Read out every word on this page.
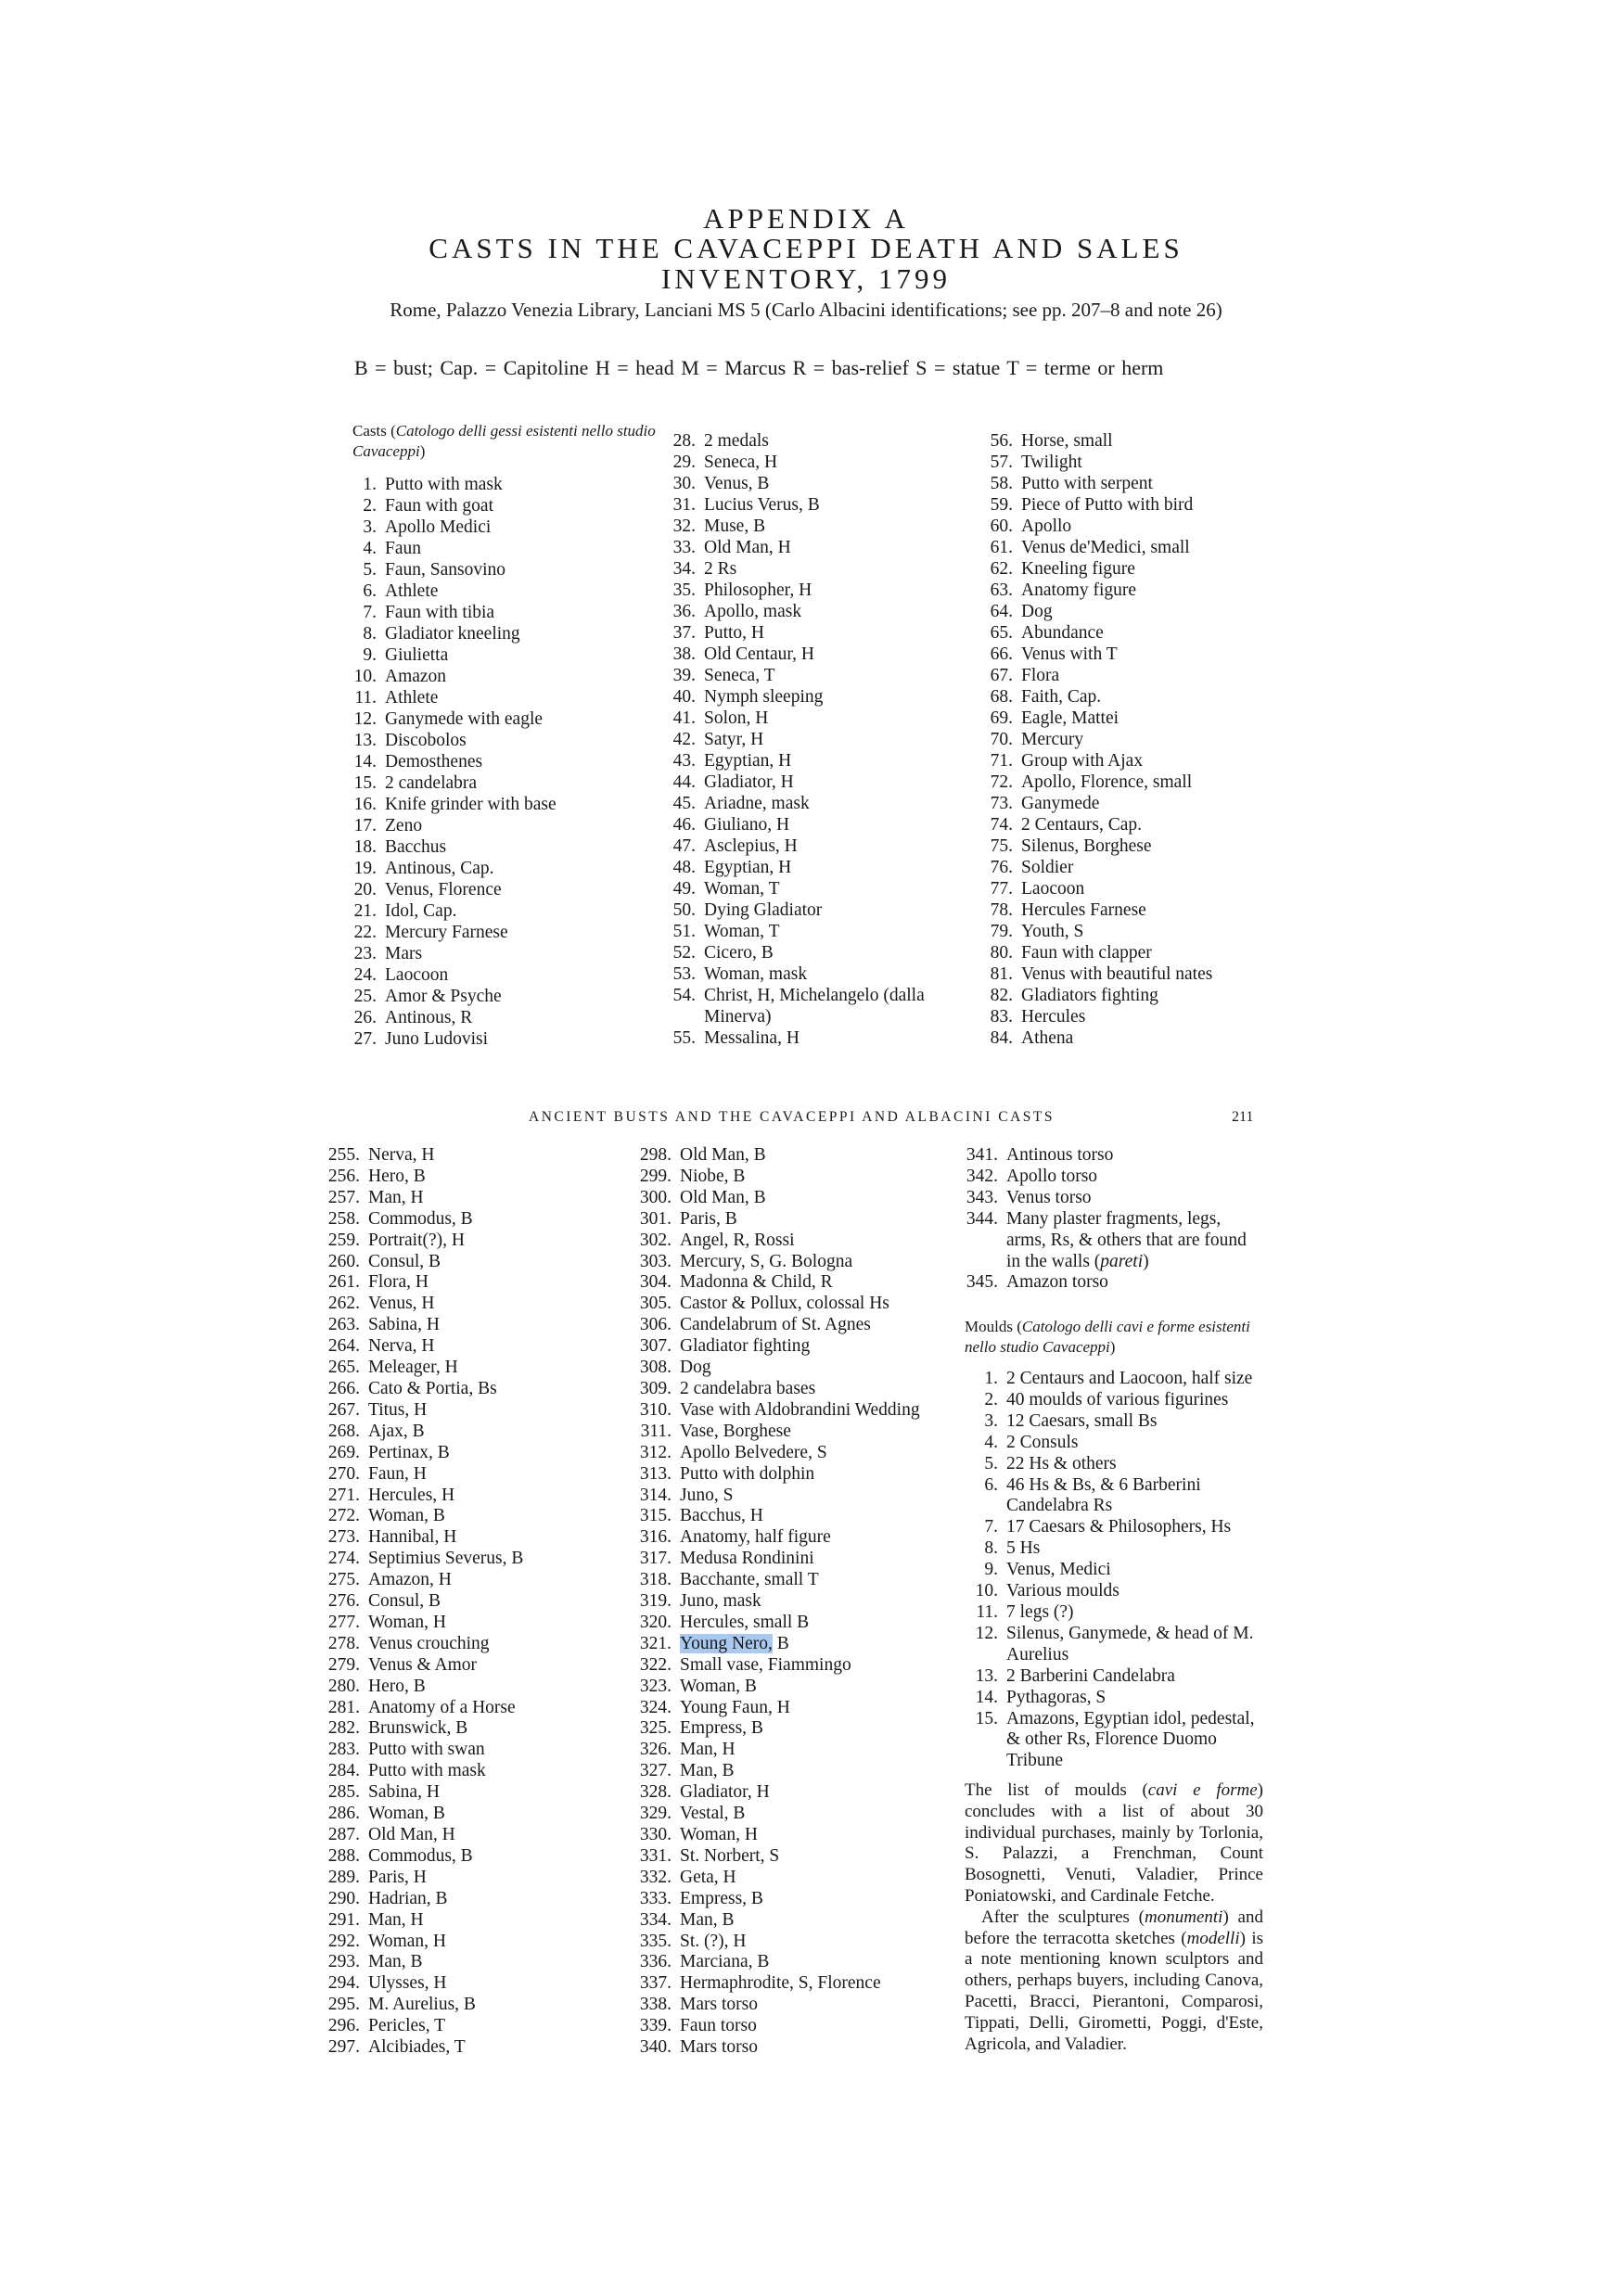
APPENDIX A
CASTS IN THE CAVACEPPI DEATH AND SALES
INVENTORY, 1799
Rome, Palazzo Venezia Library, Lanciani MS 5 (Carlo Albacini identifications; see pp. 207–8 and note 26)
B = bust; Cap. = Capitoline H = head M = Marcus R = bas-relief S = statue T = terme or herm
Casts (Catologo delli gessi esistenti nello studio Cavaceppi)
1. Putto with mask
2. Faun with goat
3. Apollo Medici
4. Faun
5. Faun, Sansovino
6. Athlete
7. Faun with tibia
8. Gladiator kneeling
9. Giulietta
10. Amazon
11. Athlete
12. Ganymede with eagle
13. Discobolos
14. Demosthenes
15. 2 candelabra
16. Knife grinder with base
17. Zeno
18. Bacchus
19. Antinous, Cap.
20. Venus, Florence
21. Idol, Cap.
22. Mercury Farnese
23. Mars
24. Laocoon
25. Amor & Psyche
26. Antinous, R
27. Juno Ludovisi
28. 2 medals
29. Seneca, H
30. Venus, B
31. Lucius Verus, B
32. Muse, B
33. Old Man, H
34. 2 Rs
35. Philosopher, H
36. Apollo, mask
37. Putto, H
38. Old Centaur, H
39. Seneca, T
40. Nymph sleeping
41. Solon, H
42. Satyr, H
43. Egyptian, H
44. Gladiator, H
45. Ariadne, mask
46. Giuliano, H
47. Asclepius, H
48. Egyptian, H
49. Woman, T
50. Dying Gladiator
51. Woman, T
52. Cicero, B
53. Woman, mask
54. Christ, H, Michelangelo (dalla Minerva)
55. Messalina, H
56. Horse, small
57. Twilight
58. Putto with serpent
59. Piece of Putto with bird
60. Apollo
61. Venus de'Medici, small
62. Kneeling figure
63. Anatomy figure
64. Dog
65. Abundance
66. Venus with T
67. Flora
68. Faith, Cap.
69. Eagle, Mattei
70. Mercury
71. Group with Ajax
72. Apollo, Florence, small
73. Ganymede
74. 2 Centaurs, Cap.
75. Silenus, Borghese
76. Soldier
77. Laocoon
78. Hercules Farnese
79. Youth, S
80. Faun with clapper
81. Venus with beautiful nates
82. Gladiators fighting
83. Hercules
84. Athena
ANCIENT BUSTS AND THE CAVACEPPI AND ALBACINI CASTS	211
255. Nerva, H
256. Hero, B
257. Man, H
258. Commodus, B
259. Portrait(?), H
260. Consul, B
261. Flora, H
262. Venus, H
263. Sabina, H
264. Nerva, H
265. Meleager, H
266. Cato & Portia, Bs
267. Titus, H
268. Ajax, B
269. Pertinax, B
270. Faun, H
271. Hercules, H
272. Woman, B
273. Hannibal, H
274. Septimius Severus, B
275. Amazon, H
276. Consul, B
277. Woman, H
278. Venus crouching
279. Venus & Amor
280. Hero, B
281. Anatomy of a Horse
282. Brunswick, B
283. Putto with swan
284. Putto with mask
285. Sabina, H
286. Woman, B
287. Old Man, H
288. Commodus, B
289. Paris, H
290. Hadrian, B
291. Man, H
292. Woman, H
293. Man, B
294. Ulysses, H
295. M. Aurelius, B
296. Pericles, T
297. Alcibiades, T
298. Old Man, B
299. Niobe, B
300. Old Man, B
301. Paris, B
302. Angel, R, Rossi
303. Mercury, S, G. Bologna
304. Madonna & Child, R
305. Castor & Pollux, colossal Hs
306. Candelabrum of St. Agnes
307. Gladiator fighting
308. Dog
309. 2 candelabra bases
310. Vase with Aldobrandini Wedding
311. Vase, Borghese
312. Apollo Belvedere, S
313. Putto with dolphin
314. Juno, S
315. Bacchus, H
316. Anatomy, half figure
317. Medusa Rondinini
318. Bacchante, small T
319. Juno, mask
320. Hercules, small B
321. Young Nero, B
322. Small vase, Fiammingo
323. Woman, B
324. Young Faun, H
325. Empress, B
326. Man, H
327. Man, B
328. Gladiator, H
329. Vestal, B
330. Woman, H
331. St. Norbert, S
332. Geta, H
333. Empress, B
334. Man, B
335. St. (?), H
336. Marciana, B
337. Hermaphrodite, S, Florence
338. Mars torso
339. Faun torso
340. Mars torso
341. Antinous torso
342. Apollo torso
343. Venus torso
344. Many plaster fragments, legs, arms, Rs, & others that are found in the walls (pareti)
345. Amazon torso
Moulds (Catologo delli cavi e forme esistenti nello studio Cavaceppi)
1. 2 Centaurs and Laocoon, half size
2. 40 moulds of various figurines
3. 12 Caesars, small Bs
4. 2 Consuls
5. 22 Hs & others
6. 46 Hs & Bs, & 6 Barberini Candelabra Rs
7. 17 Caesars & Philosophers, Hs
8. 5 Hs
9. Venus, Medici
10. Various moulds
11. 7 legs (?)
12. Silenus, Ganymede, & head of M. Aurelius
13. 2 Barberini Candelabra
14. Pythagoras, S
15. Amazons, Egyptian idol, pedestal, & other Rs, Florence Duomo Tribune

The list of moulds (cavi e forme) concludes with a list of about 30 individual purchases, mainly by Torlonia, S. Palazzi, a Frenchman, Count Bosognetti, Venuti, Valadier, Prince Poniatowski, and Cardinale Fetche.

After the sculptures (monumenti) and before the terracotta sketches (modelli) is a note mentioning known sculptors and others, perhaps buyers, including Canova, Pacetti, Bracci, Pierantoni, Comparosi, Tippati, Delli, Girometti, Poggi, d'Este, Agricola, and Valadier.
